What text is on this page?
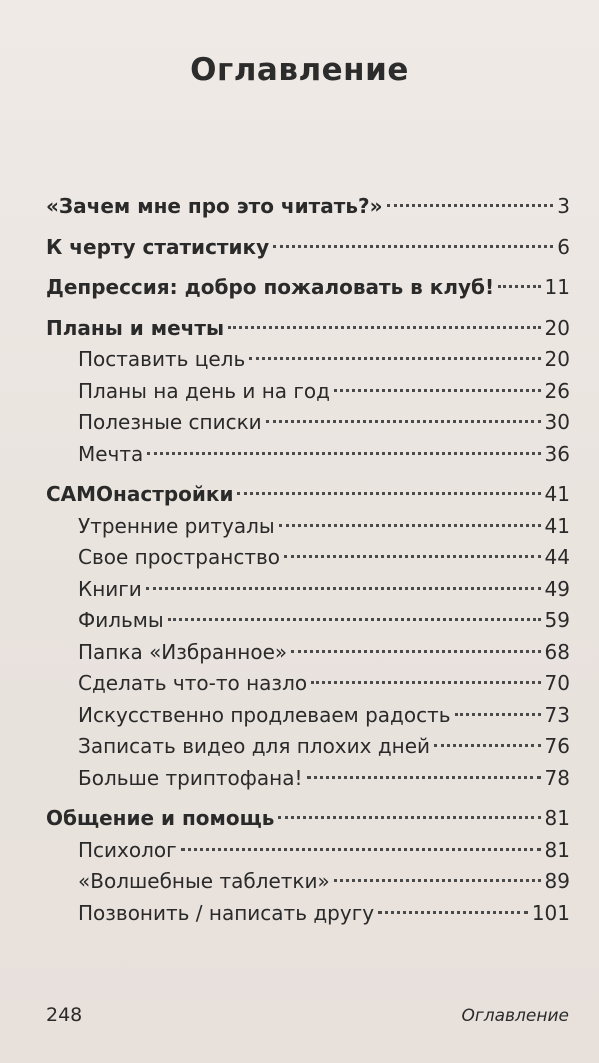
Оглавление
«Зачем мне про это читать?»	3
К черту статистику	6
Депрессия: добро пожаловать в клуб!	11
Планы и мечты	20
Поставить цель	20
Планы на день и на год	26
Полезные списки	30
Мечта	36
САМОнастройки	41
Утренние ритуалы	41
Свое пространство	44
Книги	49
Фильмы	59
Папка «Избранное»	68
Сделать что-то назло	70
Искусственно продлеваем радость	73
Записать видео для плохих дней	76
Больше триптофана!	78
Общение и помощь	81
Психолог	81
«Волшебные таблетки»	89
Позвонить / написать другу	101
248	Оглавление
